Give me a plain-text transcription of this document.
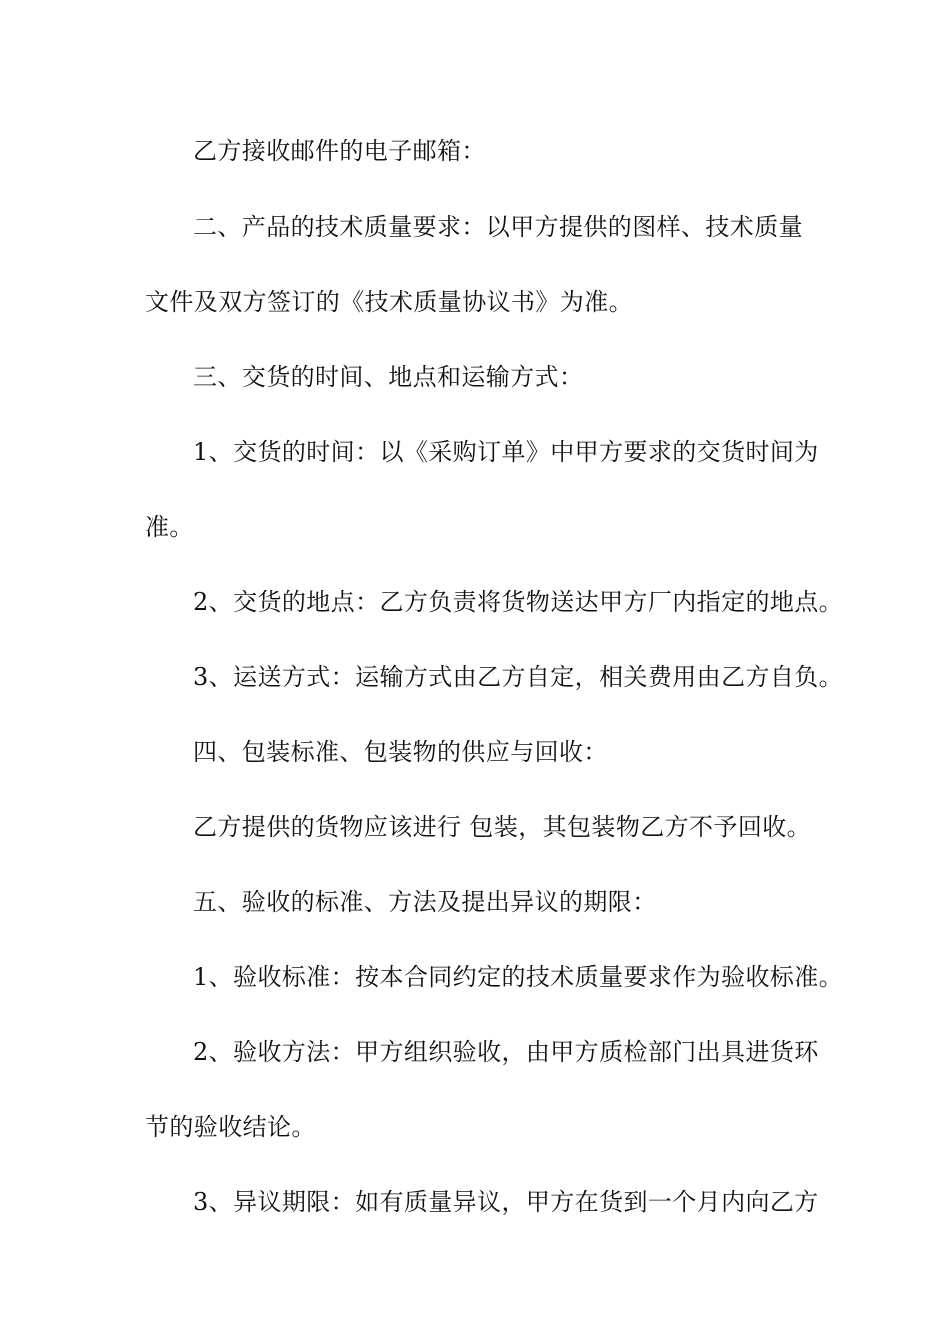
乙方接收邮件的电子邮箱：
二、产品的技术质量要求：以甲方提供的图样、技术质量
文件及双方签订的《技术质量协议书》为准。
三、交货的时间、地点和运输方式：
1、交货的时间：以《采购订单》中甲方要求的交货时间为
准。
2、交货的地点：乙方负责将货物送达甲方厂内指定的地点。
3、运送方式：运输方式由乙方自定，相关费用由乙方自负。
四、包装标准、包装物的供应与回收：
乙方提供的货物应该进行 包装，其包装物乙方不予回收。
五、验收的标准、方法及提出异议的期限：
1、验收标准：按本合同约定的技术质量要求作为验收标准。
2、验收方法：甲方组织验收，由甲方质检部门出具进货环
节的验收结论。
3、异议期限：如有质量异议，甲方在货到一个月内向乙方
